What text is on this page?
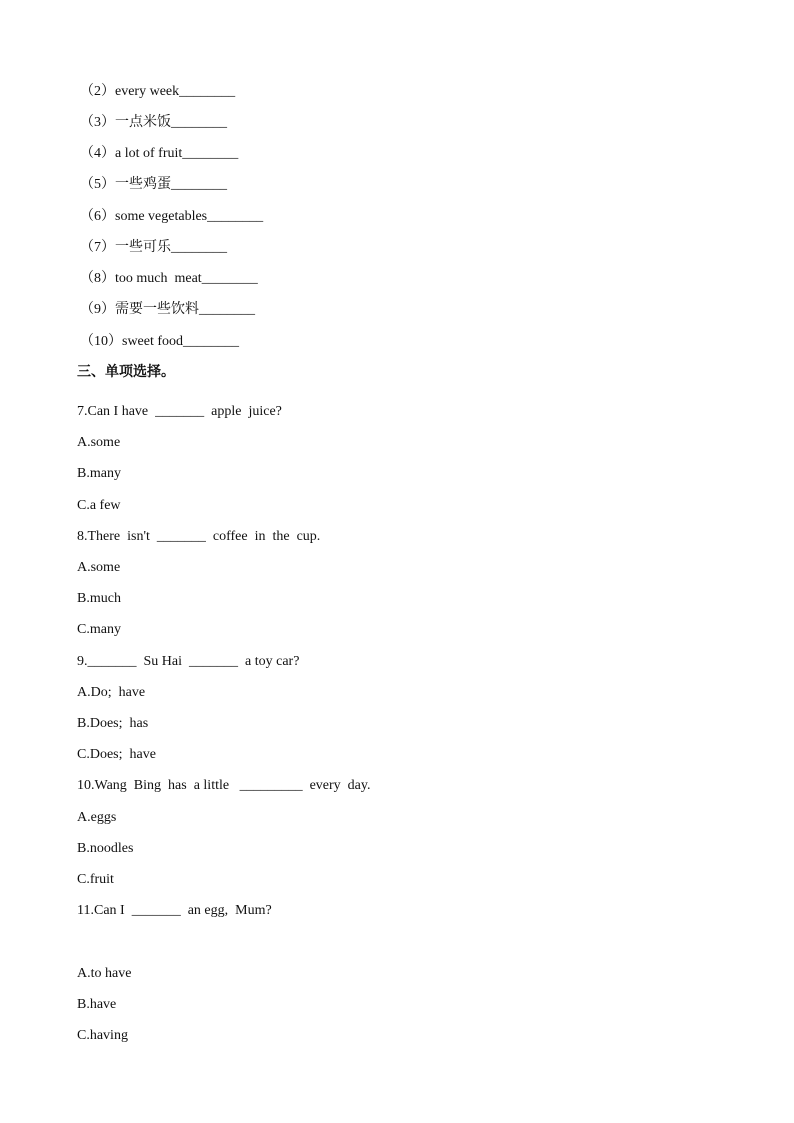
（2）every week________
（3）一点米饭________
（4）a lot of fruit________
（5）一些鸡蛋________
（6）some vegetables________
（7）一些可乐________
（8）too much  meat________
（9）需要一些饮料________
（10）sweet food________
三、单项选择。
7.Can I have  _______  apple  juice?
A.some
B.many
C.a few
8.There  isn't  _______  coffee  in  the  cup.
A.some
B.much
C.many
9._______  Su Hai  _______  a toy car?
A.Do;  have
B.Does;  has
C.Does;  have
10.Wang  Bing  has  a little   _________  every  day.
A.eggs
B.noodles
C.fruit
11.Can I  _______  an egg,  Mum?
A.to have
B.have
C.having
